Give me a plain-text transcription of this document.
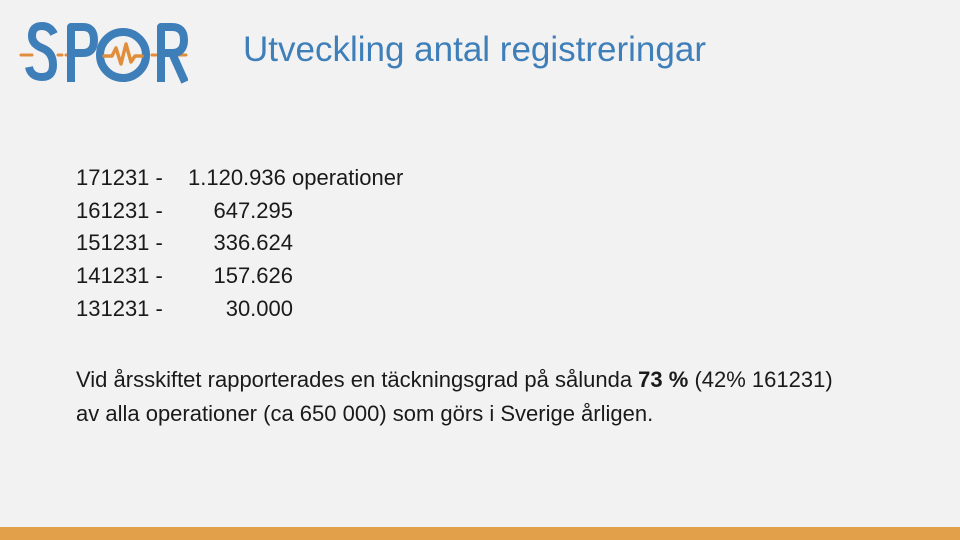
Utveckling antal registreringar
171231 - 1.120.936 operationer
161231 -	647.295
151231 -	336.624
141231 -	157.626
131231 -	30.000

Vid årsskiftet rapporterades en täckningsgrad på sålunda 73 % (42% 161231) av alla operationer (ca 650 000) som görs i Sverige årligen.
